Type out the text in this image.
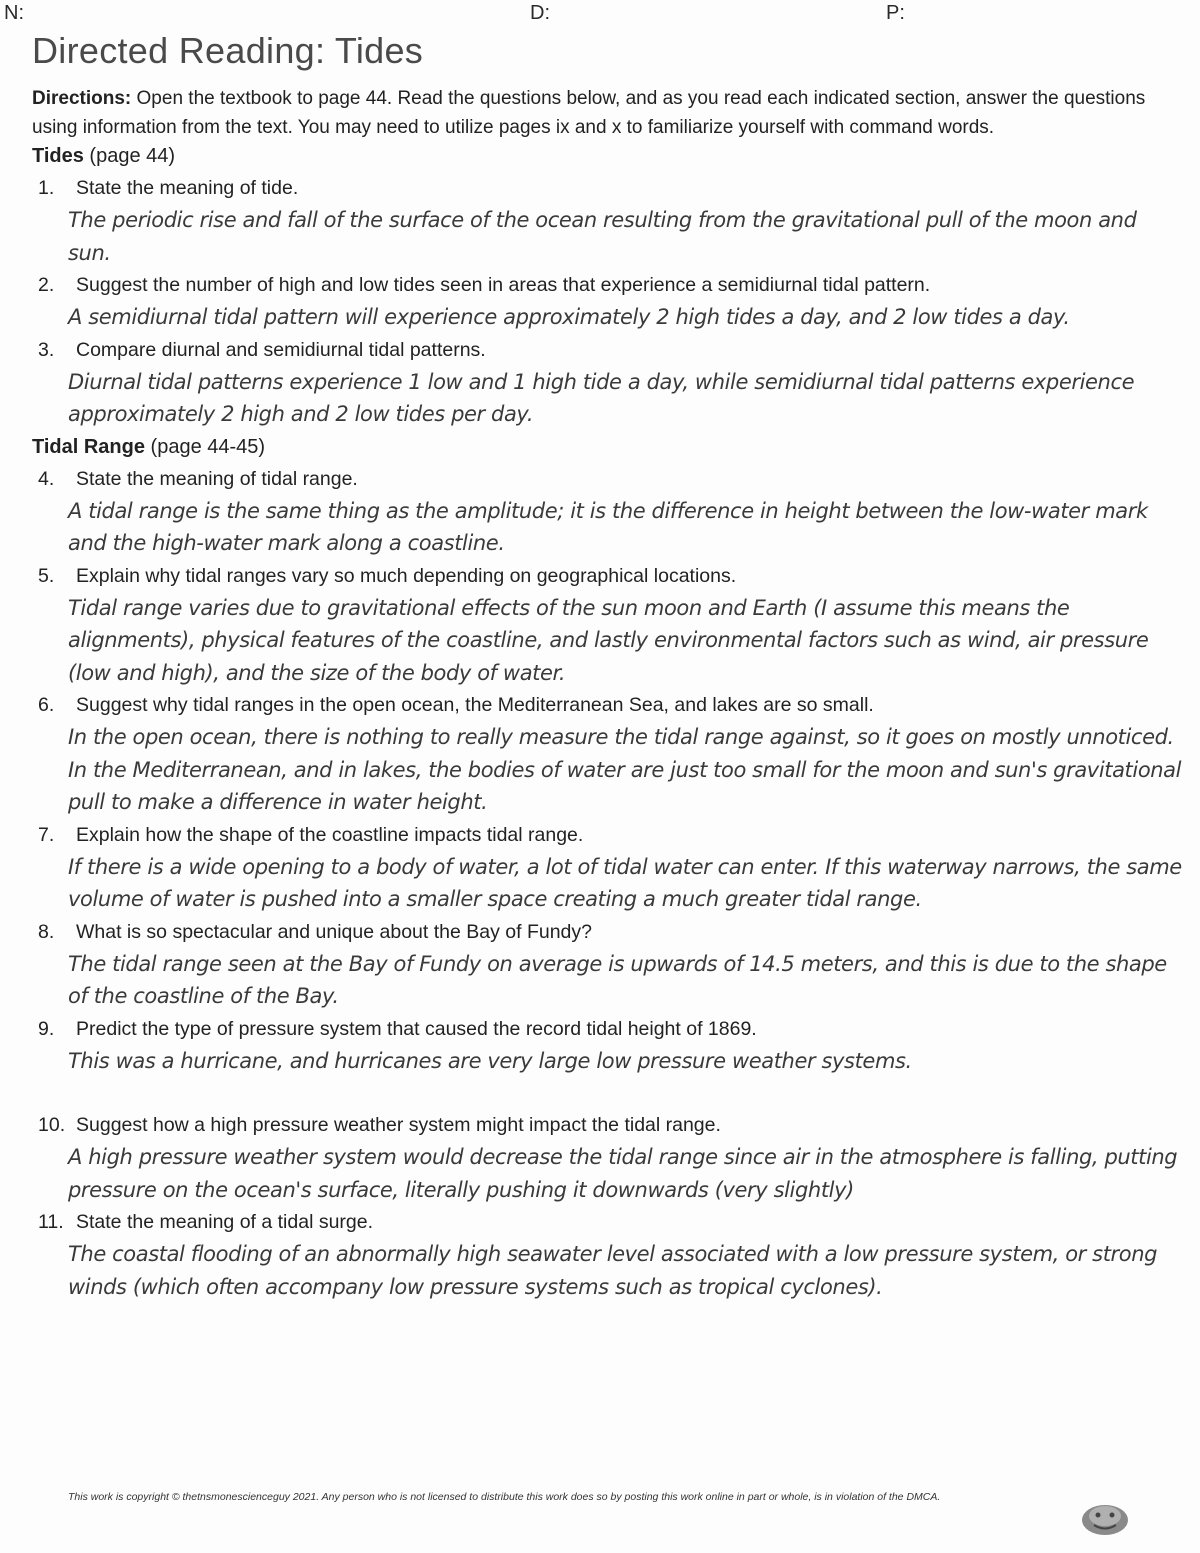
N:	D:	P:
Directed Reading: Tides
Directions: Open the textbook to page 44. Read the questions below, and as you read each indicated section, answer the questions using information from the text. You may need to utilize pages ix and x to familiarize yourself with command words.
Tides (page 44)
1. State the meaning of tide.
The periodic rise and fall of the surface of the ocean resulting from the gravitational pull of the moon and sun.
2. Suggest the number of high and low tides seen in areas that experience a semidiurnal tidal pattern.
A semidiurnal tidal pattern will experience approximately 2 high tides a day, and 2 low tides a day.
3. Compare diurnal and semidiurnal tidal patterns.
Diurnal tidal patterns experience 1 low and 1 high tide a day, while semidiurnal tidal patterns experience approximately 2 high and 2 low tides per day.
Tidal Range (page 44-45)
4. State the meaning of tidal range.
A tidal range is the same thing as the amplitude; it is the difference in height between the low-water mark and the high-water mark along a coastline.
5. Explain why tidal ranges vary so much depending on geographical locations.
Tidal range varies due to gravitational effects of the sun moon and Earth (I assume this means the alignments), physical features of the coastline, and lastly environmental factors such as wind, air pressure (low and high), and the size of the body of water.
6. Suggest why tidal ranges in the open ocean, the Mediterranean Sea, and lakes are so small.
In the open ocean, there is nothing to really measure the tidal range against, so it goes on mostly unnoticed. In the Mediterranean, and in lakes, the bodies of water are just too small for the moon and sun's gravitational pull to make a difference in water height.
7. Explain how the shape of the coastline impacts tidal range.
If there is a wide opening to a body of water, a lot of tidal water can enter. If this waterway narrows, the same volume of water is pushed into a smaller space creating a much greater tidal range.
8. What is so spectacular and unique about the Bay of Fundy?
The tidal range seen at the Bay of Fundy on average is upwards of 14.5 meters, and this is due to the shape of the coastline of the Bay.
9. Predict the type of pressure system that caused the record tidal height of 1869.
This was a hurricane, and hurricanes are very large low pressure weather systems.
10. Suggest how a high pressure weather system might impact the tidal range.
A high pressure weather system would decrease the tidal range since air in the atmosphere is falling, putting pressure on the ocean's surface, literally pushing it downwards (very slightly)
11. State the meaning of a tidal surge.
The coastal flooding of an abnormally high seawater level associated with a low pressure system, or strong winds (which often accompany low pressure systems such as tropical cyclones).
This work is copyright © thetnsmonescienceguy 2021. Any person who is not licensed to distribute this work does so by posting this work online in part or whole, is in violation of the DMCA.
